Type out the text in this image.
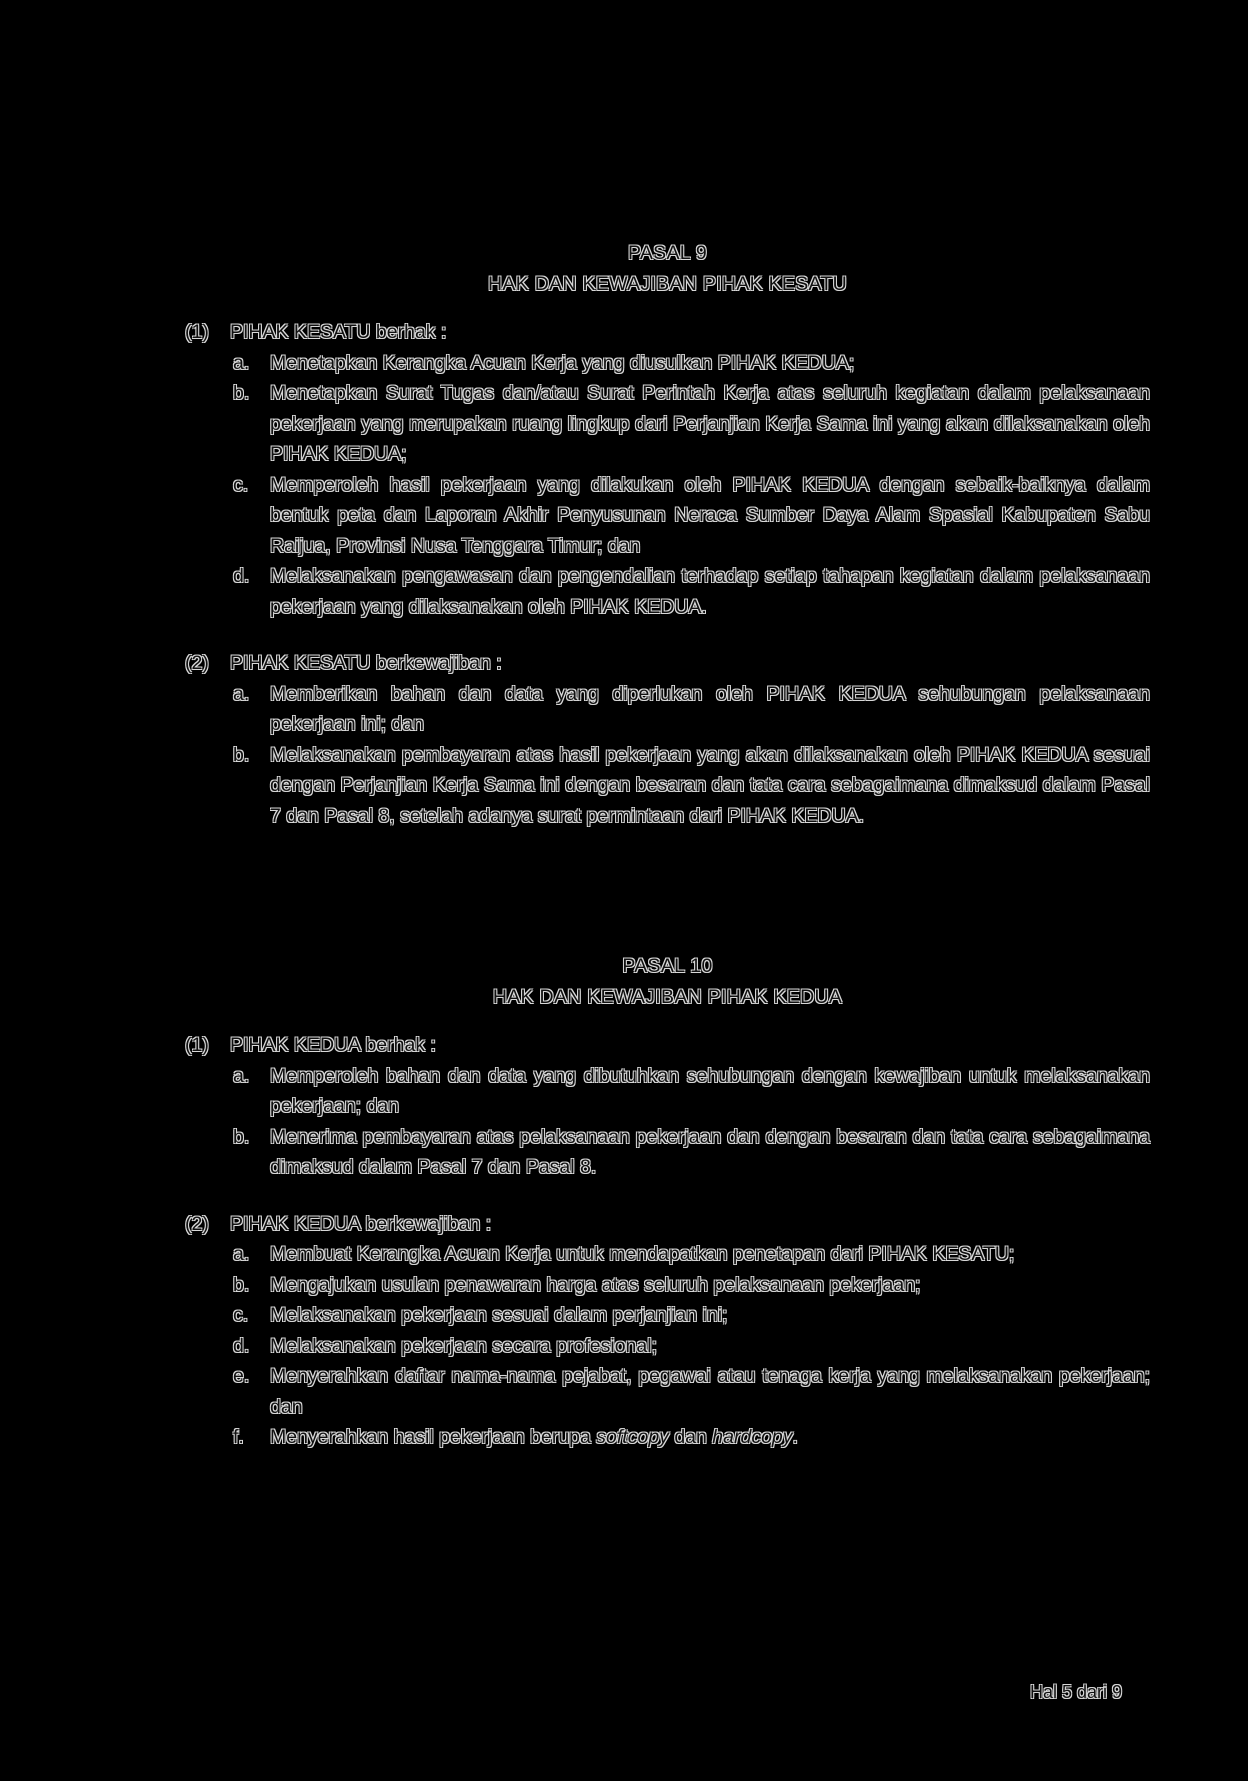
PASAL 9
HAK DAN KEWAJIBAN PIHAK KESATU

(1) PIHAK KESATU berhak :

a. Menetapkan Kerangka Acuan Kerja yang diusulkan PIHAK KEDUA;
b. Menetapkan Surat Tugas dan/atau Surat Perintah Kerja atas seluruh kegiatan dalam pelaksanaan pekerjaan yang merupakan ruang lingkup dari Perjanjian Kerja Sama ini yang akan dilaksanakan oleh PIHAK KEDUA;
c. Memperoleh hasil pekerjaan yang dilakukan oleh PIHAK KEDUA dengan sebaik-baiknya dalam bentuk peta dan Laporan Akhir Penyusunan Neraca Sumber Daya Alam Spasial Kabupaten Sabu Raijua, Provinsi Nusa Tenggara Timur; dan
d. Melaksanakan pengawasan dan pengendalian terhadap setiap tahapan kegiatan dalam pelaksanaan pekerjaan yang dilaksanakan oleh PIHAK KEDUA.

(2) PIHAK KESATU berkewajiban :

a. Memberikan bahan dan data yang diperlukan oleh PIHAK KEDUA sehubungan pelaksanaan pekerjaan ini; dan
b. Melaksanakan pembayaran atas hasil pekerjaan yang akan dilaksanakan oleh PIHAK KEDUA sesuai dengan Perjanjian Kerja Sama ini dengan besaran dan tata cara sebagaimana dimaksud dalam Pasal 7 dan Pasal 8, setelah adanya surat permintaan dari PIHAK KEDUA.
PASAL 10
HAK DAN KEWAJIBAN PIHAK KEDUA

(1) PIHAK KEDUA berhak :

a. Memperoleh bahan dan data yang dibutuhkan sehubungan dengan kewajiban untuk melaksanakan pekerjaan; dan
b. Menerima pembayaran atas pelaksanaan pekerjaan dan dengan besaran dan tata cara sebagaimana dimaksud dalam Pasal 7 dan Pasal 8.

(2) PIHAK KEDUA berkewajiban :

a. Membuat Kerangka Acuan Kerja untuk mendapatkan penetapan dari PIHAK KESATU;
b. Mengajukan usulan penawaran harga atas seluruh pelaksanaan pekerjaan;
c. Melaksanakan pekerjaan sesuai dalam perjanjian ini;
d. Melaksanakan pekerjaan secara profesional;
e. Menyerahkan daftar nama-nama pejabat, pegawai atau tenaga kerja yang melaksanakan pekerjaan; dan
f. Menyerahkan hasil pekerjaan berupa softcopy dan hardcopy.
Hal 5 dari 9
